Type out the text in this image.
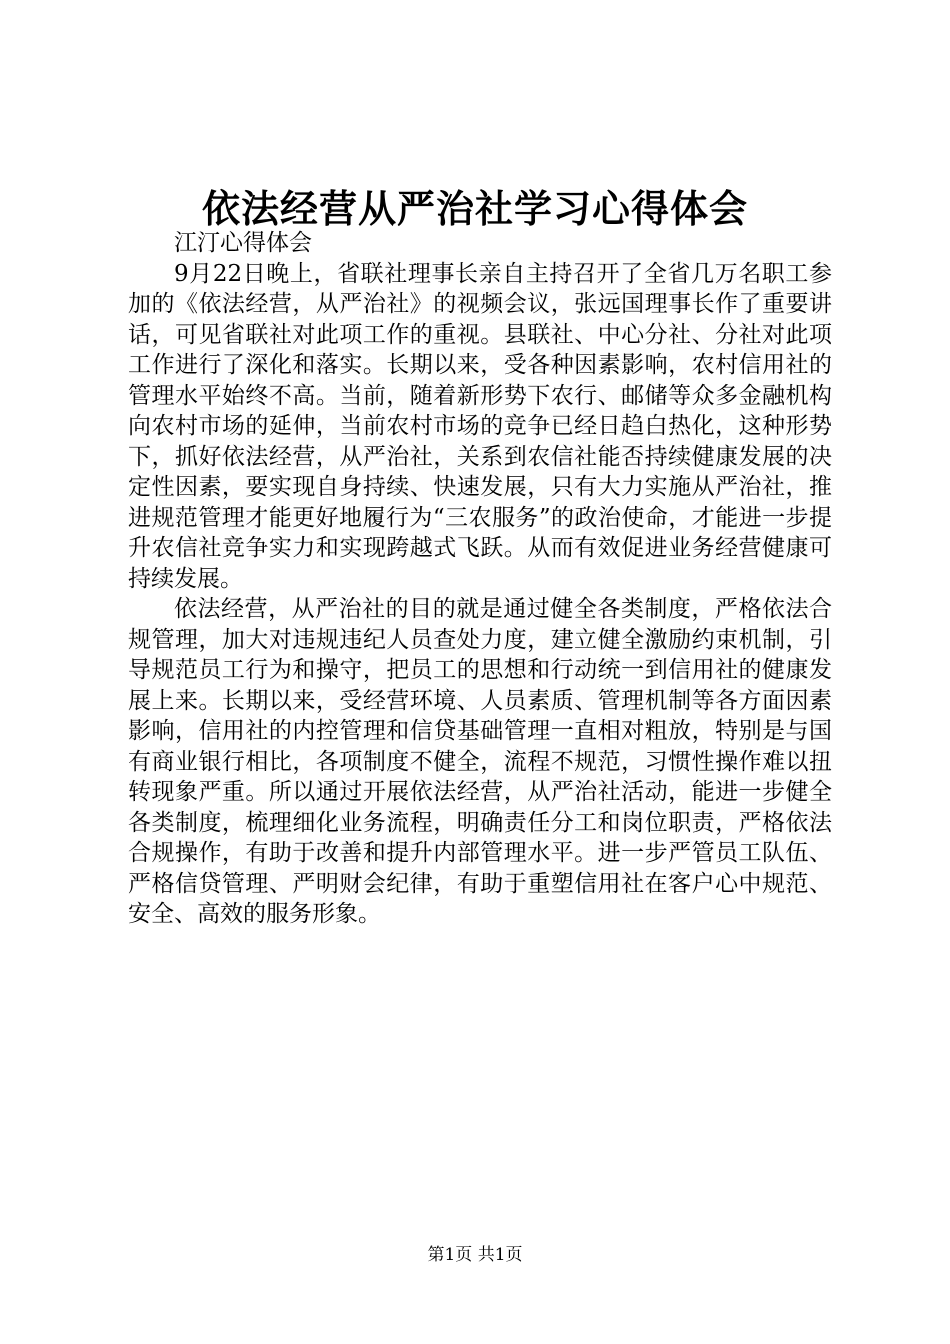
依法经营从严治社学习心得体会

江汀心得体会

9月22日晚上，省联社理事长亲自主持召开了全省几万名职工参加的《依法经营，从严治社》的视频会议，张远国理事长作了重要讲话，可见省联社对此项工作的重视。县联社、中心分社、分社对此项工作进行了深化和落实。长期以来，受各种因素影响，农村信用社的管理水平始终不高。当前，随着新形势下农行、邮储等众多金融机构向农村市场的延伸，当前农村市场的竞争已经日趋白热化，这种形势下，抓好依法经营，从严治社，关系到农信社能否持续健康发展的决定性因素，要实现自身持续、快速发展，只有大力实施从严治社，推进规范管理才能更好地履行为“三农服务”的政治使命，才能进一步提升农信社竞争实力和实现跨越式飞跃。从而有效促进业务经营健康可持续发展。

依法经营，从严治社的目的就是通过健全各类制度，严格依法合规管理，加大对违规违纪人员查处力度，建立健全激励约束机制，引导规范员工行为和操守，把员工的思想和行动统一到信用社的健康发展上来。长期以来，受经营环境、人员素质、管理机制等各方面因素影响，信用社的内控管理和信贷基础管理一直相对粗放，特别是与国有商业银行相比，各项制度不健全，流程不规范，习惯性操作难以扭转现象严重。所以通过开展依法经营，从严治社活动，能进一步健全各类制度，梳理细化业务流程，明确责任分工和岗位职责，严格依法合规操作，有助于改善和提升内部管理水平。进一步严管员工队伍、严格信贷管理、严明财会纪律，有助于重塑信用社在客户心中规范、安全、高效的服务形象。

第1页 共1页
